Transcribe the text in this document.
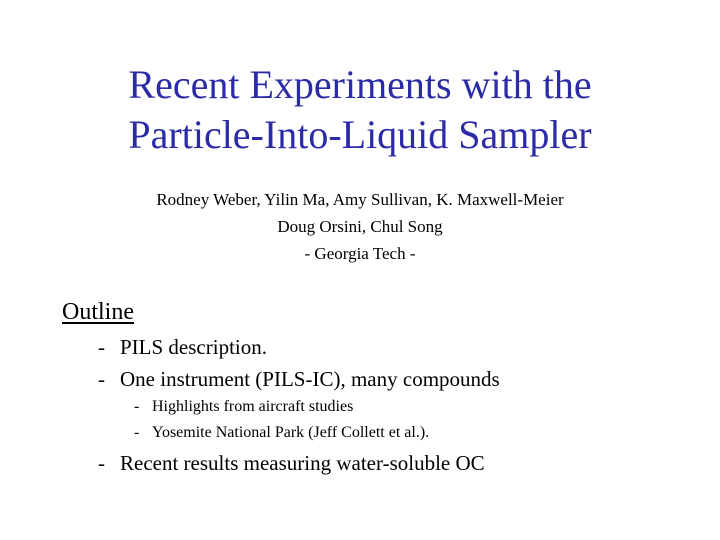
Recent Experiments with the
Particle-Into-Liquid Sampler
Rodney Weber, Yilin Ma, Amy Sullivan, K. Maxwell-Meier
Doug Orsini, Chul Song
- Georgia Tech -
Outline
- PILS description.
- One instrument (PILS-IC), many compounds
- Highlights from aircraft studies
- Yosemite National Park (Jeff Collett et al.).
- Recent results measuring water-soluble OC
